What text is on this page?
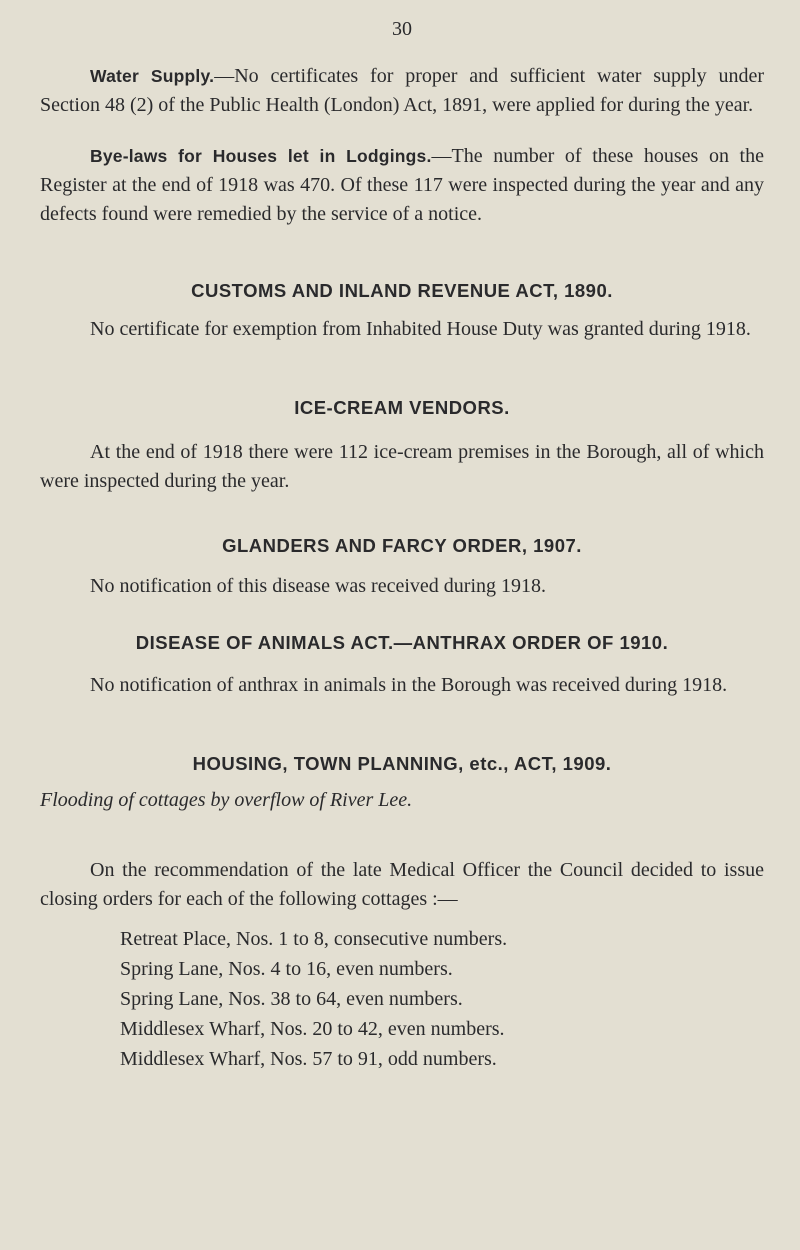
30

Water Supply.—No certificates for proper and sufficient water supply under Section 48 (2) of the Public Health (London) Act, 1891, were applied for during the year.

Bye-laws for Houses let in Lodgings.—The number of these houses on the Register at the end of 1918 was 470. Of these 117 were inspected during the year and any defects found were remedied by the service of a notice.

CUSTOMS AND INLAND REVENUE ACT, 1890.

No certificate for exemption from Inhabited House Duty was granted during 1918.

ICE-CREAM VENDORS.

At the end of 1918 there were 112 ice-cream premises in the Borough, all of which were inspected during the year.

GLANDERS AND FARCY ORDER, 1907.

No notification of this disease was received during 1918.

DISEASE OF ANIMALS ACT.—ANTHRAX ORDER OF 1910.

No notification of anthrax in animals in the Borough was received during 1918.

HOUSING, TOWN PLANNING, etc., ACT, 1909.

Flooding of cottages by overflow of River Lee.

On the recommendation of the late Medical Officer the Council decided to issue closing orders for each of the following cottages :—

Retreat Place, Nos. 1 to 8, consecutive numbers.
Spring Lane, Nos. 4 to 16, even numbers.
Spring Lane, Nos. 38 to 64, even numbers.
Middlesex Wharf, Nos. 20 to 42, even numbers.
Middlesex Wharf, Nos. 57 to 91, odd numbers.
